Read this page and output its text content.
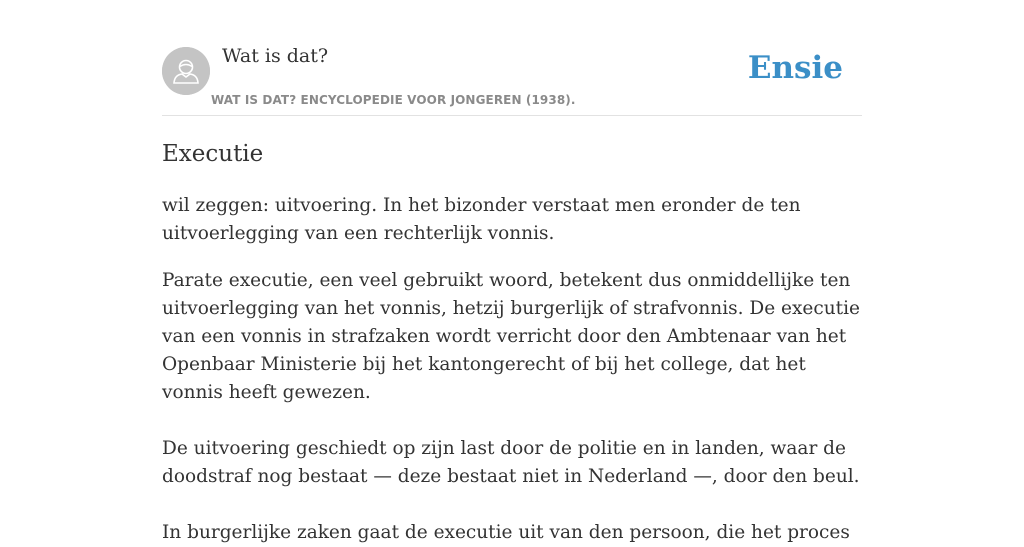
Wat is dat?
WAT IS DAT? ENCYCLOPEDIE VOOR JONGEREN (1938).
Ensie
Executie

wil zeggen: uitvoering. In het bizonder verstaat men eronder de ten uitvoerlegging van een rechterlijk vonnis.

Parate executie, een veel gebruikt woord, betekent dus onmiddellijke ten uitvoerlegging van het vonnis, hetzij burgerlijk of strafvonnis. De executie van een vonnis in strafzaken wordt verricht door den Ambtenaar van het Openbaar Ministerie bij het kantongerecht of bij het college, dat het vonnis heeft gewezen.

De uitvoering geschiedt op zijn last door de politie en in landen, waar de doodstraf nog bestaat — deze bestaat niet in Nederland —, door den beul.

In burgerlijke zaken gaat de executie uit van den persoon, die het proces
